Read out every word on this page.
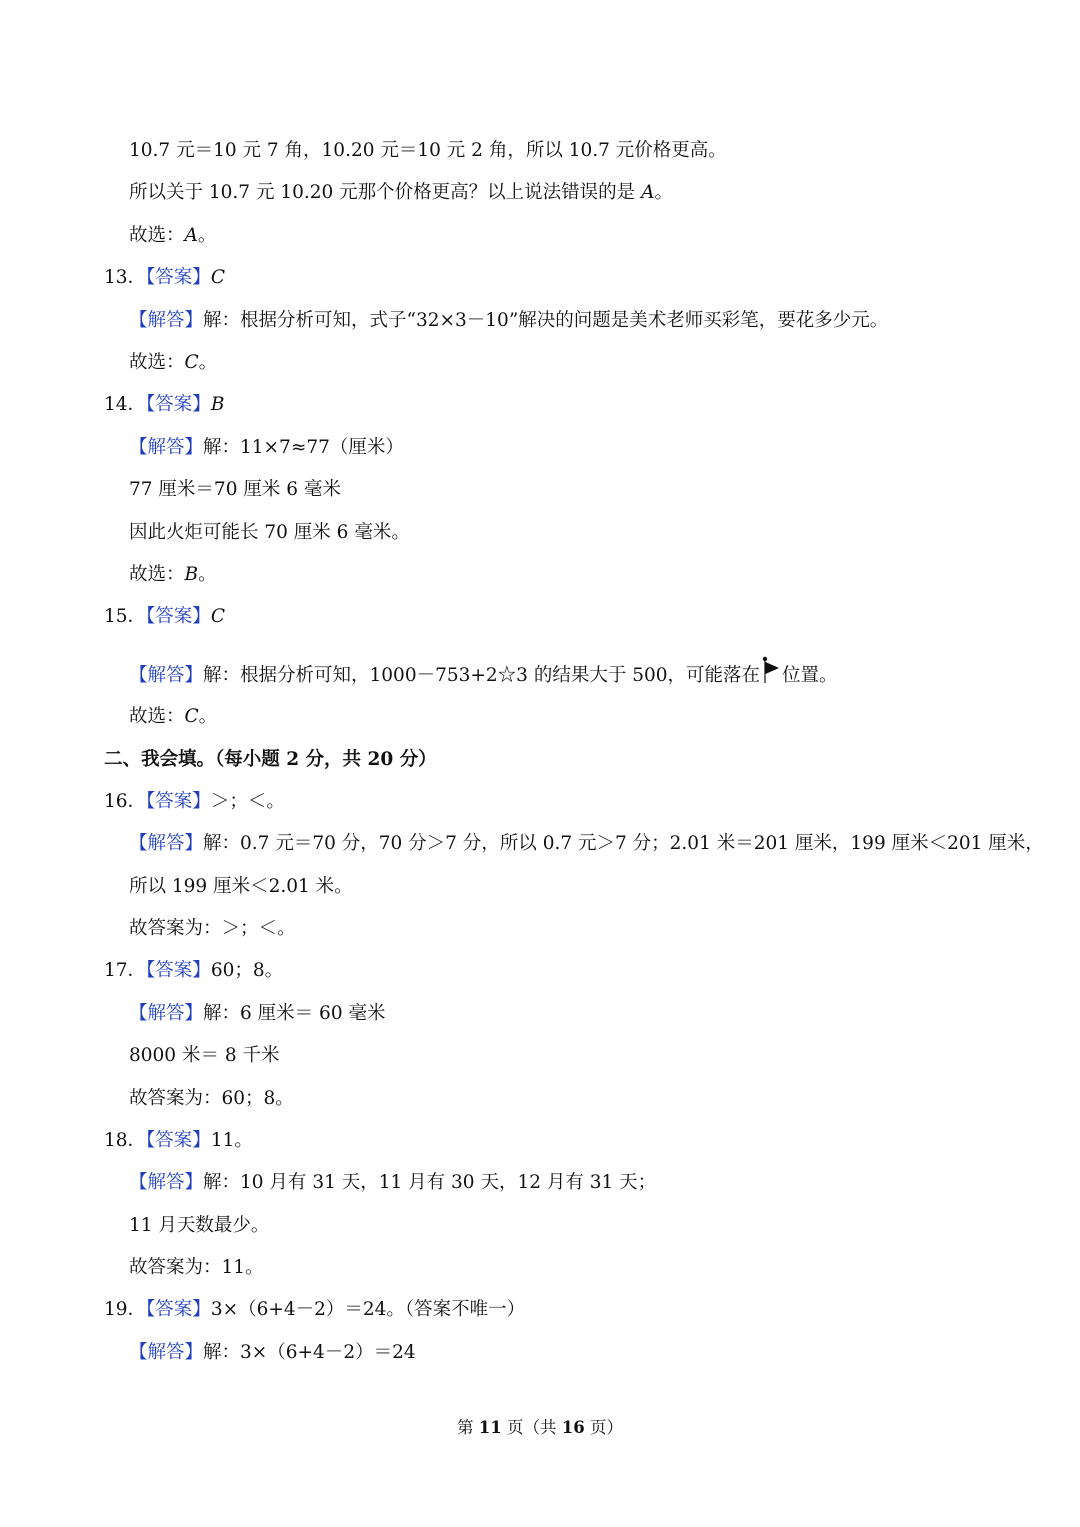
10.7 元＝10 元 7 角，10.20 元＝10 元 2 角，所以 10.7 元价格更高。
所以关于 10.7 元 10.20 元那个价格更高？以上说法错误的是 A。
故选：A。
13．【答案】C
【解答】解：根据分析可知，式子“32×3－10”解决的问题是美术老师买彩笔，要花多少元。
故选：C。
14．【答案】B
【解答】解：11×7≈77（厘米）
77 厘米＝70 厘米 6 毫米
因此火炬可能长 70 厘米 6 毫米。
故选：B。
15．【答案】C
【解答】解：根据分析可知，1000－753+2☆3 的结果大于 500，可能落在 位置。
故选：C。
二、我会填。（每小题 2 分，共 20 分）
16．【答案】＞；＜。
【解答】解：0.7 元＝70 分，70 分＞7 分，所以 0.7 元＞7 分；2.01 米＝201 厘米，199 厘米＜201 厘米，
所以 199 厘米＜2.01 米。
故答案为：＞；＜。
17．【答案】60；8。
【解答】解：6 厘米＝ 60 毫米
8000 米＝ 8 千米
故答案为：60；8。
18．【答案】11。
【解答】解：10 月有 31 天，11 月有 30 天，12 月有 31 天；
11 月天数最少。
故答案为：11。
19．【答案】3×（6+4－2）＝24。（答案不唯一）
【解答】解：3×（6+4－2）＝24
第 11 页（共 16 页）
